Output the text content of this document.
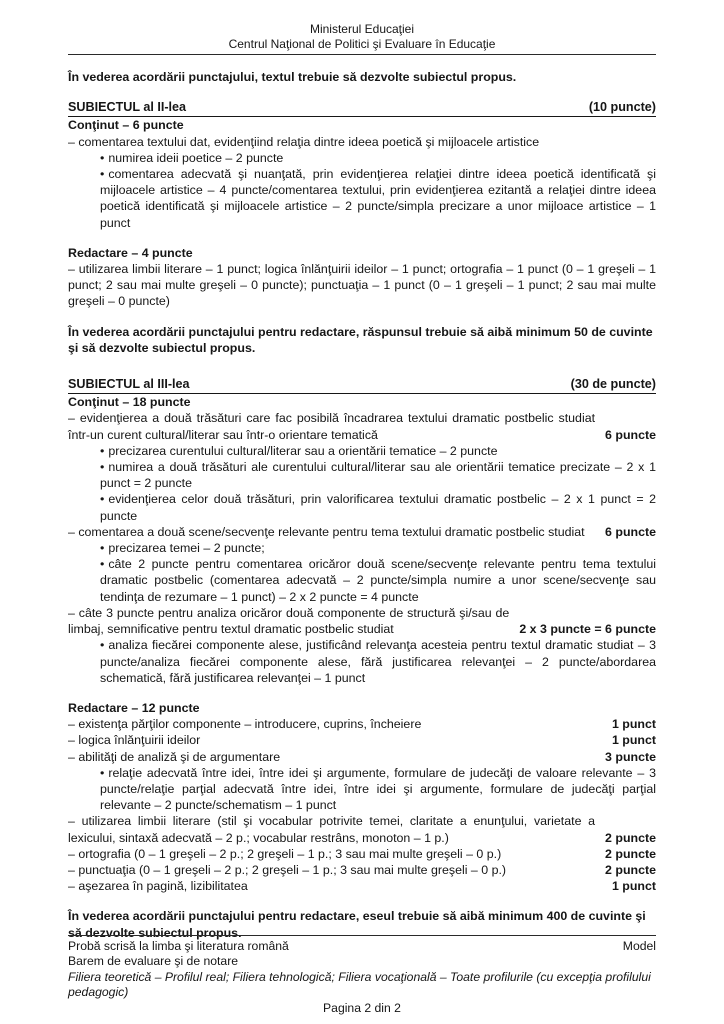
Ministerul Educaţiei
Centrul Naţional de Politici şi Evaluare în Educaţie

În vederea acordării punctajului, textul trebuie să dezvolte subiectul propus.

SUBIECTUL al II-lea	(10 puncte)

Conţinut – 6 puncte

– comentarea textului dat, evidenţiind relaţia dintre ideea poetică şi mijloacele artistice

• numirea ideii poetice – 2 puncte
• comentarea adecvată şi nuanţată, prin evidenţierea relaţiei dintre ideea poetică identificată şi mijloacele artistice – 4 puncte/comentarea textului, prin evidenţierea ezitantă a relaţiei dintre ideea poetică identificată şi mijloacele artistice – 2 puncte/simpla precizare a unor mijloace artistice – 1 punct

Redactare – 4 puncte

– utilizarea limbii literare – 1 punct; logica înlănţuirii ideilor – 1 punct; ortografia – 1 punct (0 – 1 greşeli – 1 punct; 2 sau mai multe greşeli – 0 puncte); punctuaţia – 1 punct (0 – 1 greşeli – 1 punct; 2 sau mai multe greşeli – 0 puncte)

În vederea acordării punctajului pentru redactare, răspunsul trebuie să aibă minimum 50 de cuvinte şi să dezvolte subiectul propus.

SUBIECTUL al III-lea	(30 de puncte)

Conţinut – 18 puncte

– evidenţierea a două trăsături care fac posibilă încadrarea textului dramatic postbelic studiat într-un curent cultural/literar sau într-o orientare tematică	6 puncte
• precizarea curentului cultural/literar sau a orientării tematice – 2 puncte
• numirea a două trăsături ale curentului cultural/literar sau ale orientării tematice precizate – 2 x 1 punct = 2 puncte
• evidenţierea celor două trăsături, prin valorificarea textului dramatic postbelic – 2 x 1 punct = 2 puncte
– comentarea a două scene/secvenţe relevante pentru tema textului dramatic postbelic studiat	6 puncte
• precizarea temei – 2 puncte;
• câte 2 puncte pentru comentarea oricăror două scene/secvenţe relevante pentru tema textului dramatic postbelic (comentarea adecvată – 2 puncte/simpla numire a unor scene/secvenţe sau tendinţa de rezumare – 1 punct) – 2 x 2 puncte = 4 puncte
– câte 3 puncte pentru analiza oricăror două componente de structură şi/sau de limbaj, semnificative pentru textul dramatic postbelic studiat	2 x 3 puncte = 6 puncte
• analiza fiecărei componente alese, justificând relevanţa acesteia pentru textul dramatic studiat – 3 puncte/analiza fiecărei componente alese, fără justificarea relevanţei – 2 puncte/abordarea schematică, fără justificarea relevanţei – 1 punct

Redactare – 12 puncte

– existenţa părţilor componente – introducere, cuprins, încheiere	1 punct
– logica înlănţuirii ideilor	1 punct
– abilităţi de analiză şi de argumentare	3 puncte
• relaţie adecvată între idei, între idei şi argumente, formulare de judecăţi de valoare relevante – 3 puncte/relaţie parţial adecvată între idei, între idei şi argumente, formulare de judecăţi parţial relevante – 2 puncte/schematism – 1 punct
– utilizarea limbii literare (stil şi vocabular potrivite temei, claritate a enunţului, varietate a lexicului, sintaxă adecvată – 2 p.; vocabular restrâns, monoton – 1 p.)	2 puncte
– ortografia (0 – 1 greşeli – 2 p.; 2 greşeli – 1 p.; 3 sau mai multe greşeli – 0 p.)	2 puncte
– punctuaţia (0 – 1 greşeli – 2 p.; 2 greşeli – 1 p.; 3 sau mai multe greşeli – 0 p.)	2 puncte
– aşezarea în pagină, lizibilitatea	1 punct

În vederea acordării punctajului pentru redactare, eseul trebuie să aibă minimum 400 de cuvinte şi să dezvolte subiectul propus.

Probă scrisă la limba şi literatura română	Model
Barem de evaluare şi de notare
Filiera teoretică – Profilul real; Filiera tehnologică; Filiera vocaţională – Toate profilurile (cu excepţia profilului pedagogic)
Pagina 2 din 2
